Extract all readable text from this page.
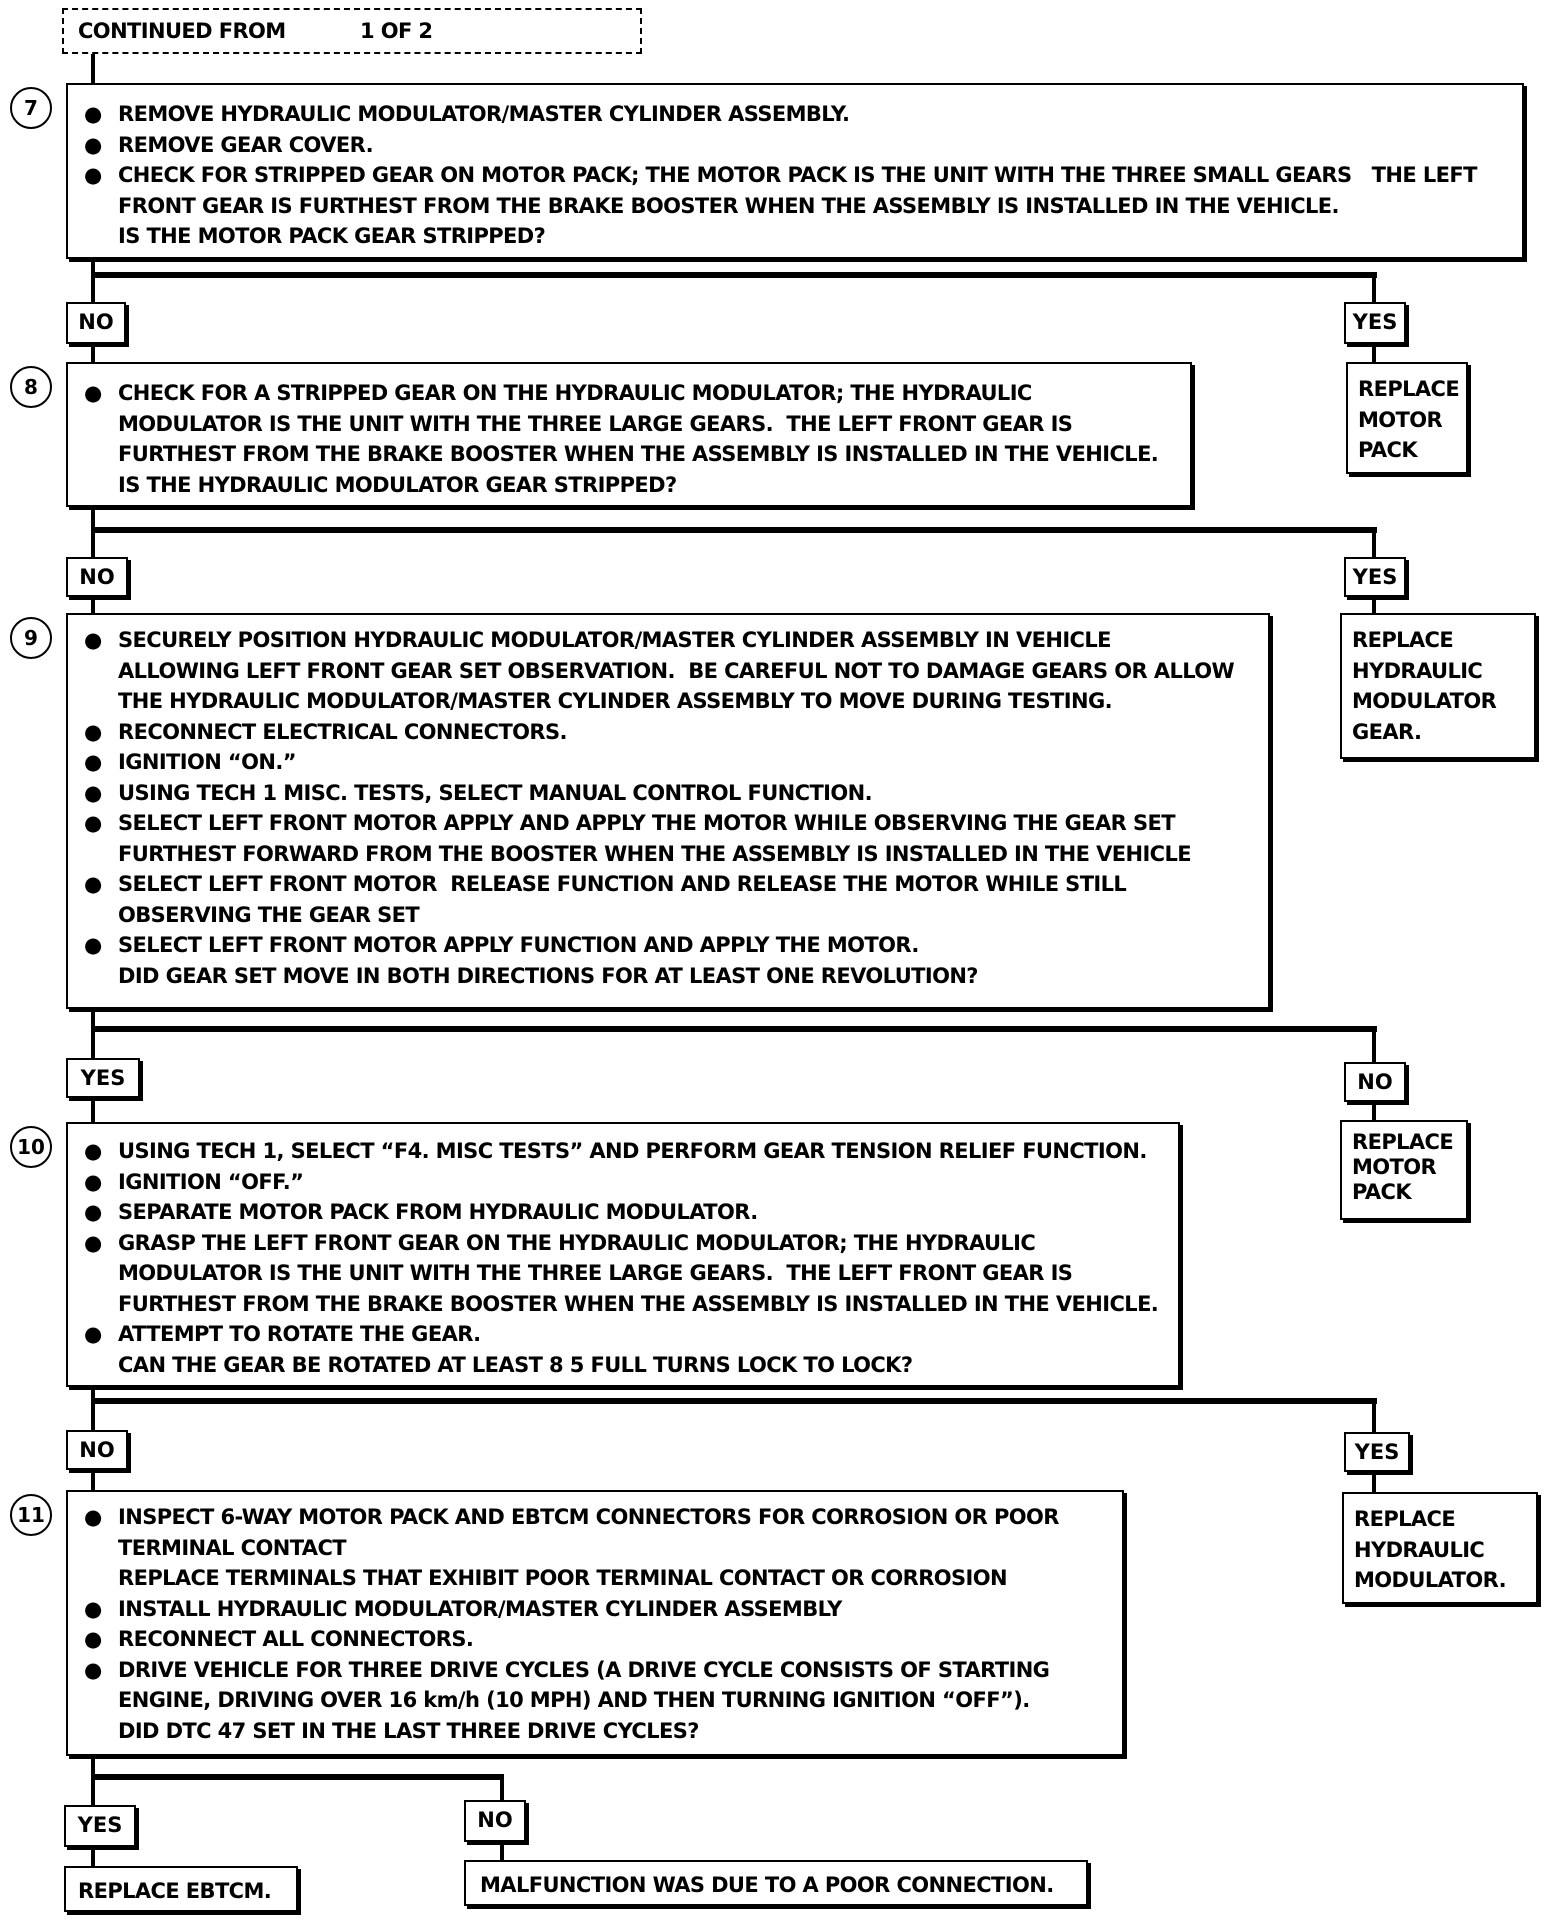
CONTINUED FROM	1 OF 2
7	● REMOVE HYDRAULIC MODULATOR/MASTER CYLINDER ASSEMBLY.
● REMOVE GEAR COVER.
● CHECK FOR STRIPPED GEAR ON MOTOR PACK; THE MOTOR PACK IS THE UNIT WITH THE THREE SMALL GEARS   THE LEFT
FRONT GEAR IS FURTHEST FROM THE BRAKE BOOSTER WHEN THE ASSEMBLY IS INSTALLED IN THE VEHICLE.
IS THE MOTOR PACK GEAR STRIPPED?
NO	YES
REPLACE
MOTOR
PACK
8	● CHECK FOR A STRIPPED GEAR ON THE HYDRAULIC MODULATOR; THE HYDRAULIC
MODULATOR IS THE UNIT WITH THE THREE LARGE GEARS.  THE LEFT FRONT GEAR IS
FURTHEST FROM THE BRAKE BOOSTER WHEN THE ASSEMBLY IS INSTALLED IN THE VEHICLE.
IS THE HYDRAULIC MODULATOR GEAR STRIPPED?
NO	YES
REPLACE
HYDRAULIC
MODULATOR
GEAR.
9	● SECURELY POSITION HYDRAULIC MODULATOR/MASTER CYLINDER ASSEMBLY IN VEHICLE
ALLOWING LEFT FRONT GEAR SET OBSERVATION.  BE CAREFUL NOT TO DAMAGE GEARS OR ALLOW
THE HYDRAULIC MODULATOR/MASTER CYLINDER ASSEMBLY TO MOVE DURING TESTING.
● RECONNECT ELECTRICAL CONNECTORS.
● IGNITION “ON.”
● USING TECH 1 MISC. TESTS, SELECT MANUAL CONTROL FUNCTION.
● SELECT LEFT FRONT MOTOR APPLY AND APPLY THE MOTOR WHILE OBSERVING THE GEAR SET
FURTHEST FORWARD FROM THE BOOSTER WHEN THE ASSEMBLY IS INSTALLED IN THE VEHICLE
● SELECT LEFT FRONT MOTOR  RELEASE FUNCTION AND RELEASE THE MOTOR WHILE STILL
OBSERVING THE GEAR SET
● SELECT LEFT FRONT MOTOR APPLY FUNCTION AND APPLY THE MOTOR.
DID GEAR SET MOVE IN BOTH DIRECTIONS FOR AT LEAST ONE REVOLUTION?
YES	NO
REPLACE
MOTOR
PACK
10	● USING TECH 1, SELECT “F4. MISC TESTS” AND PERFORM GEAR TENSION RELIEF FUNCTION.
● IGNITION “OFF.”
● SEPARATE MOTOR PACK FROM HYDRAULIC MODULATOR.
● GRASP THE LEFT FRONT GEAR ON THE HYDRAULIC MODULATOR; THE HYDRAULIC
MODULATOR IS THE UNIT WITH THE THREE LARGE GEARS.  THE LEFT FRONT GEAR IS
FURTHEST FROM THE BRAKE BOOSTER WHEN THE ASSEMBLY IS INSTALLED IN THE VEHICLE.
● ATTEMPT TO ROTATE THE GEAR.
CAN THE GEAR BE ROTATED AT LEAST 8 5 FULL TURNS LOCK TO LOCK?
NO	YES
REPLACE
HYDRAULIC
MODULATOR.
11	● INSPECT 6-WAY MOTOR PACK AND EBTCM CONNECTORS FOR CORROSION OR POOR
TERMINAL CONTACT
REPLACE TERMINALS THAT EXHIBIT POOR TERMINAL CONTACT OR CORROSION
● INSTALL HYDRAULIC MODULATOR/MASTER CYLINDER ASSEMBLY
● RECONNECT ALL CONNECTORS.
● DRIVE VEHICLE FOR THREE DRIVE CYCLES (A DRIVE CYCLE CONSISTS OF STARTING
ENGINE, DRIVING OVER 16 km/h (10 MPH) AND THEN TURNING IGNITION “OFF”).
DID DTC 47 SET IN THE LAST THREE DRIVE CYCLES?
YES	NO
REPLACE EBTCM.	MALFUNCTION WAS DUE TO A POOR CONNECTION.
